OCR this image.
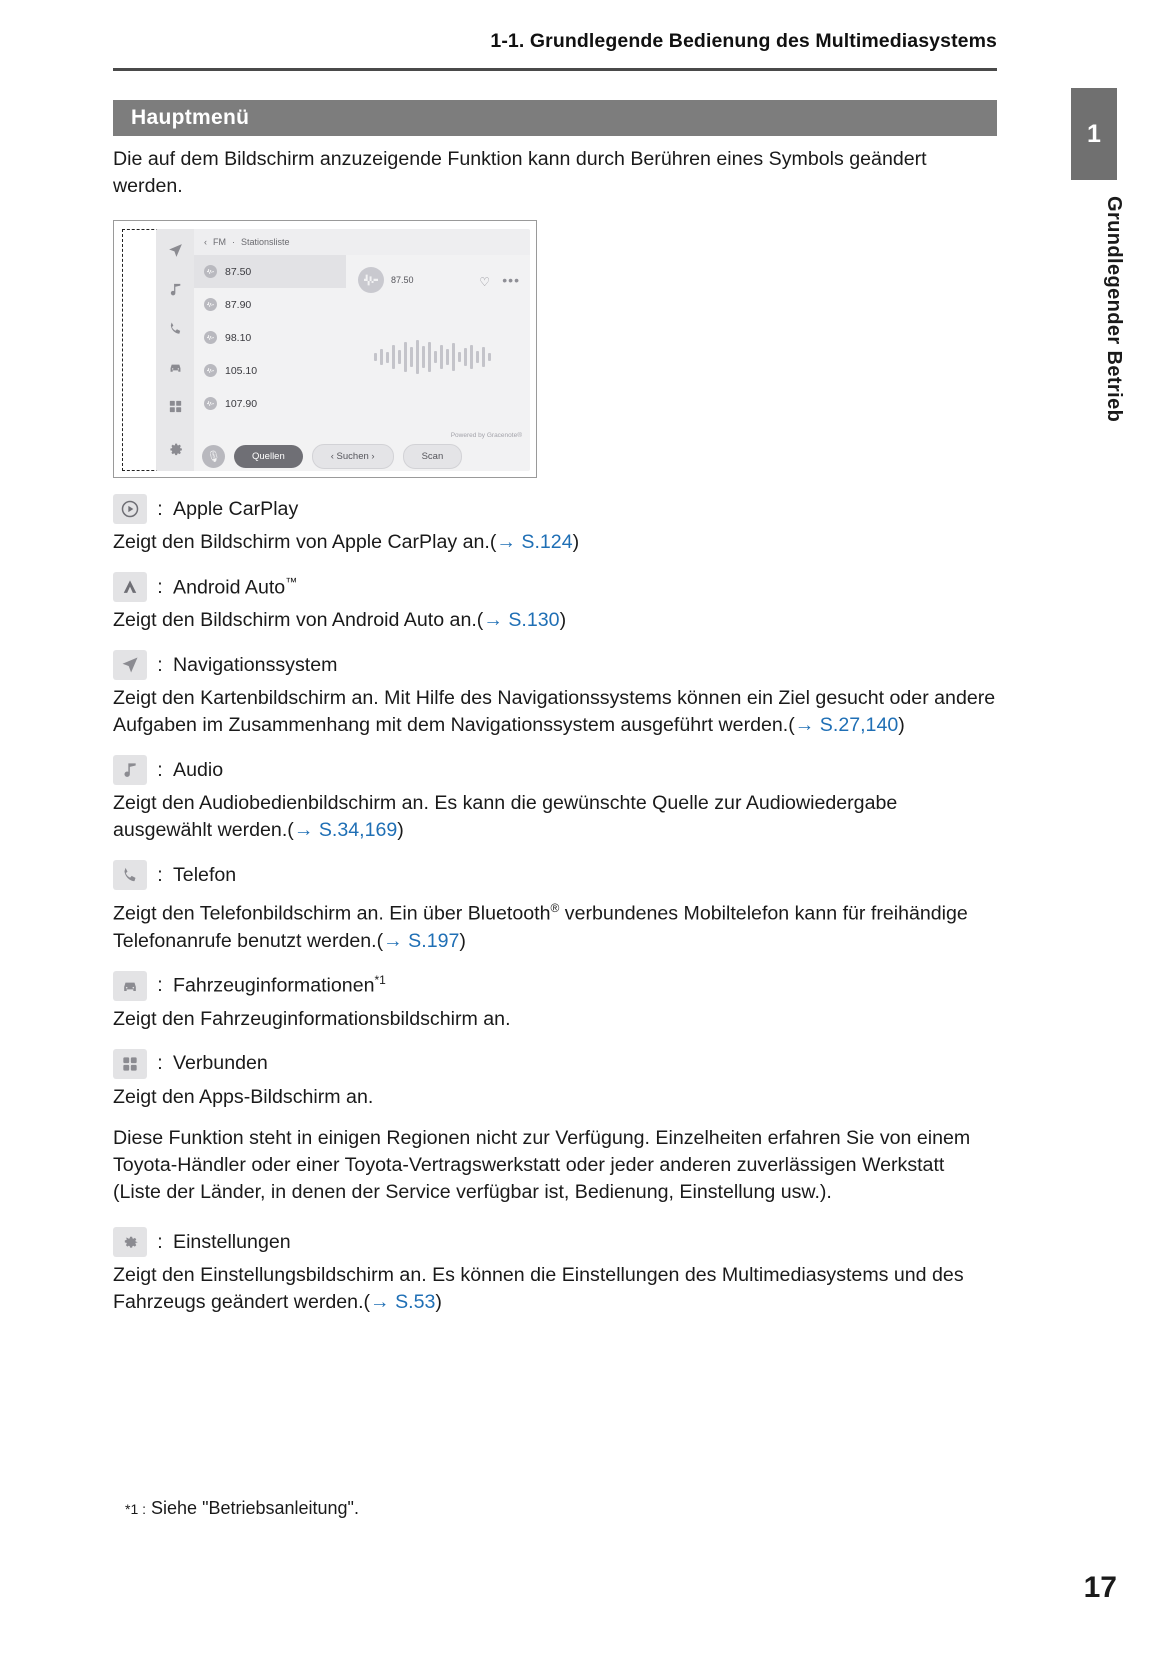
1-1. Grundlegende Bedienung des Multimediasystems
1
Grundlegender Betrieb
Hauptmenü

Die auf dem Bildschirm anzuzeigende Funktion kann durch Berühren eines Symbols geändert werden.

‹ FM · Stationsliste
87.50
87.90
98.10
105.10
107.90
87.50	♡ •••
Powered by Gracenote®
🎙	Quellen	‹ Suchen ›	Scan
: Apple CarPlay
Zeigt den Bildschirm von Apple CarPlay an.(→ S.124)
: Android Auto™
Zeigt den Bildschirm von Android Auto an.(→ S.130)
: Navigationssystem
Zeigt den Kartenbildschirm an. Mit Hilfe des Navigationssystems können ein Ziel gesucht oder andere Aufgaben im Zusammenhang mit dem Navigationssystem ausgeführt werden.(→ S.27,140)
: Audio
Zeigt den Audiobedienbildschirm an. Es kann die gewünschte Quelle zur Audiowiedergabe ausgewählt werden.(→ S.34,169)
: Telefon
Zeigt den Telefonbildschirm an. Ein über Bluetooth® verbundenes Mobiltelefon kann für freihändige Telefonanrufe benutzt werden.(→ S.197)
: Fahrzeuginformationen$^{*1}$
Zeigt den Fahrzeuginformationsbildschirm an.
: Verbunden
Zeigt den Apps-Bildschirm an.

Diese Funktion steht in einigen Regionen nicht zur Verfügung. Einzelheiten erfahren Sie von einem Toyota-Händler oder einer Toyota-Vertragswerkstatt oder jeder anderen zuverlässigen Werkstatt (Liste der Länder, in denen der Service verfügbar ist, Bedienung, Einstellung usw.).

: Einstellungen
Zeigt den Einstellungsbildschirm an. Es können die Einstellungen des Multimediasystems und des Fahrzeugs geändert werden.(→ S.53)
*1 : Siehe "Betriebsanleitung".
17
